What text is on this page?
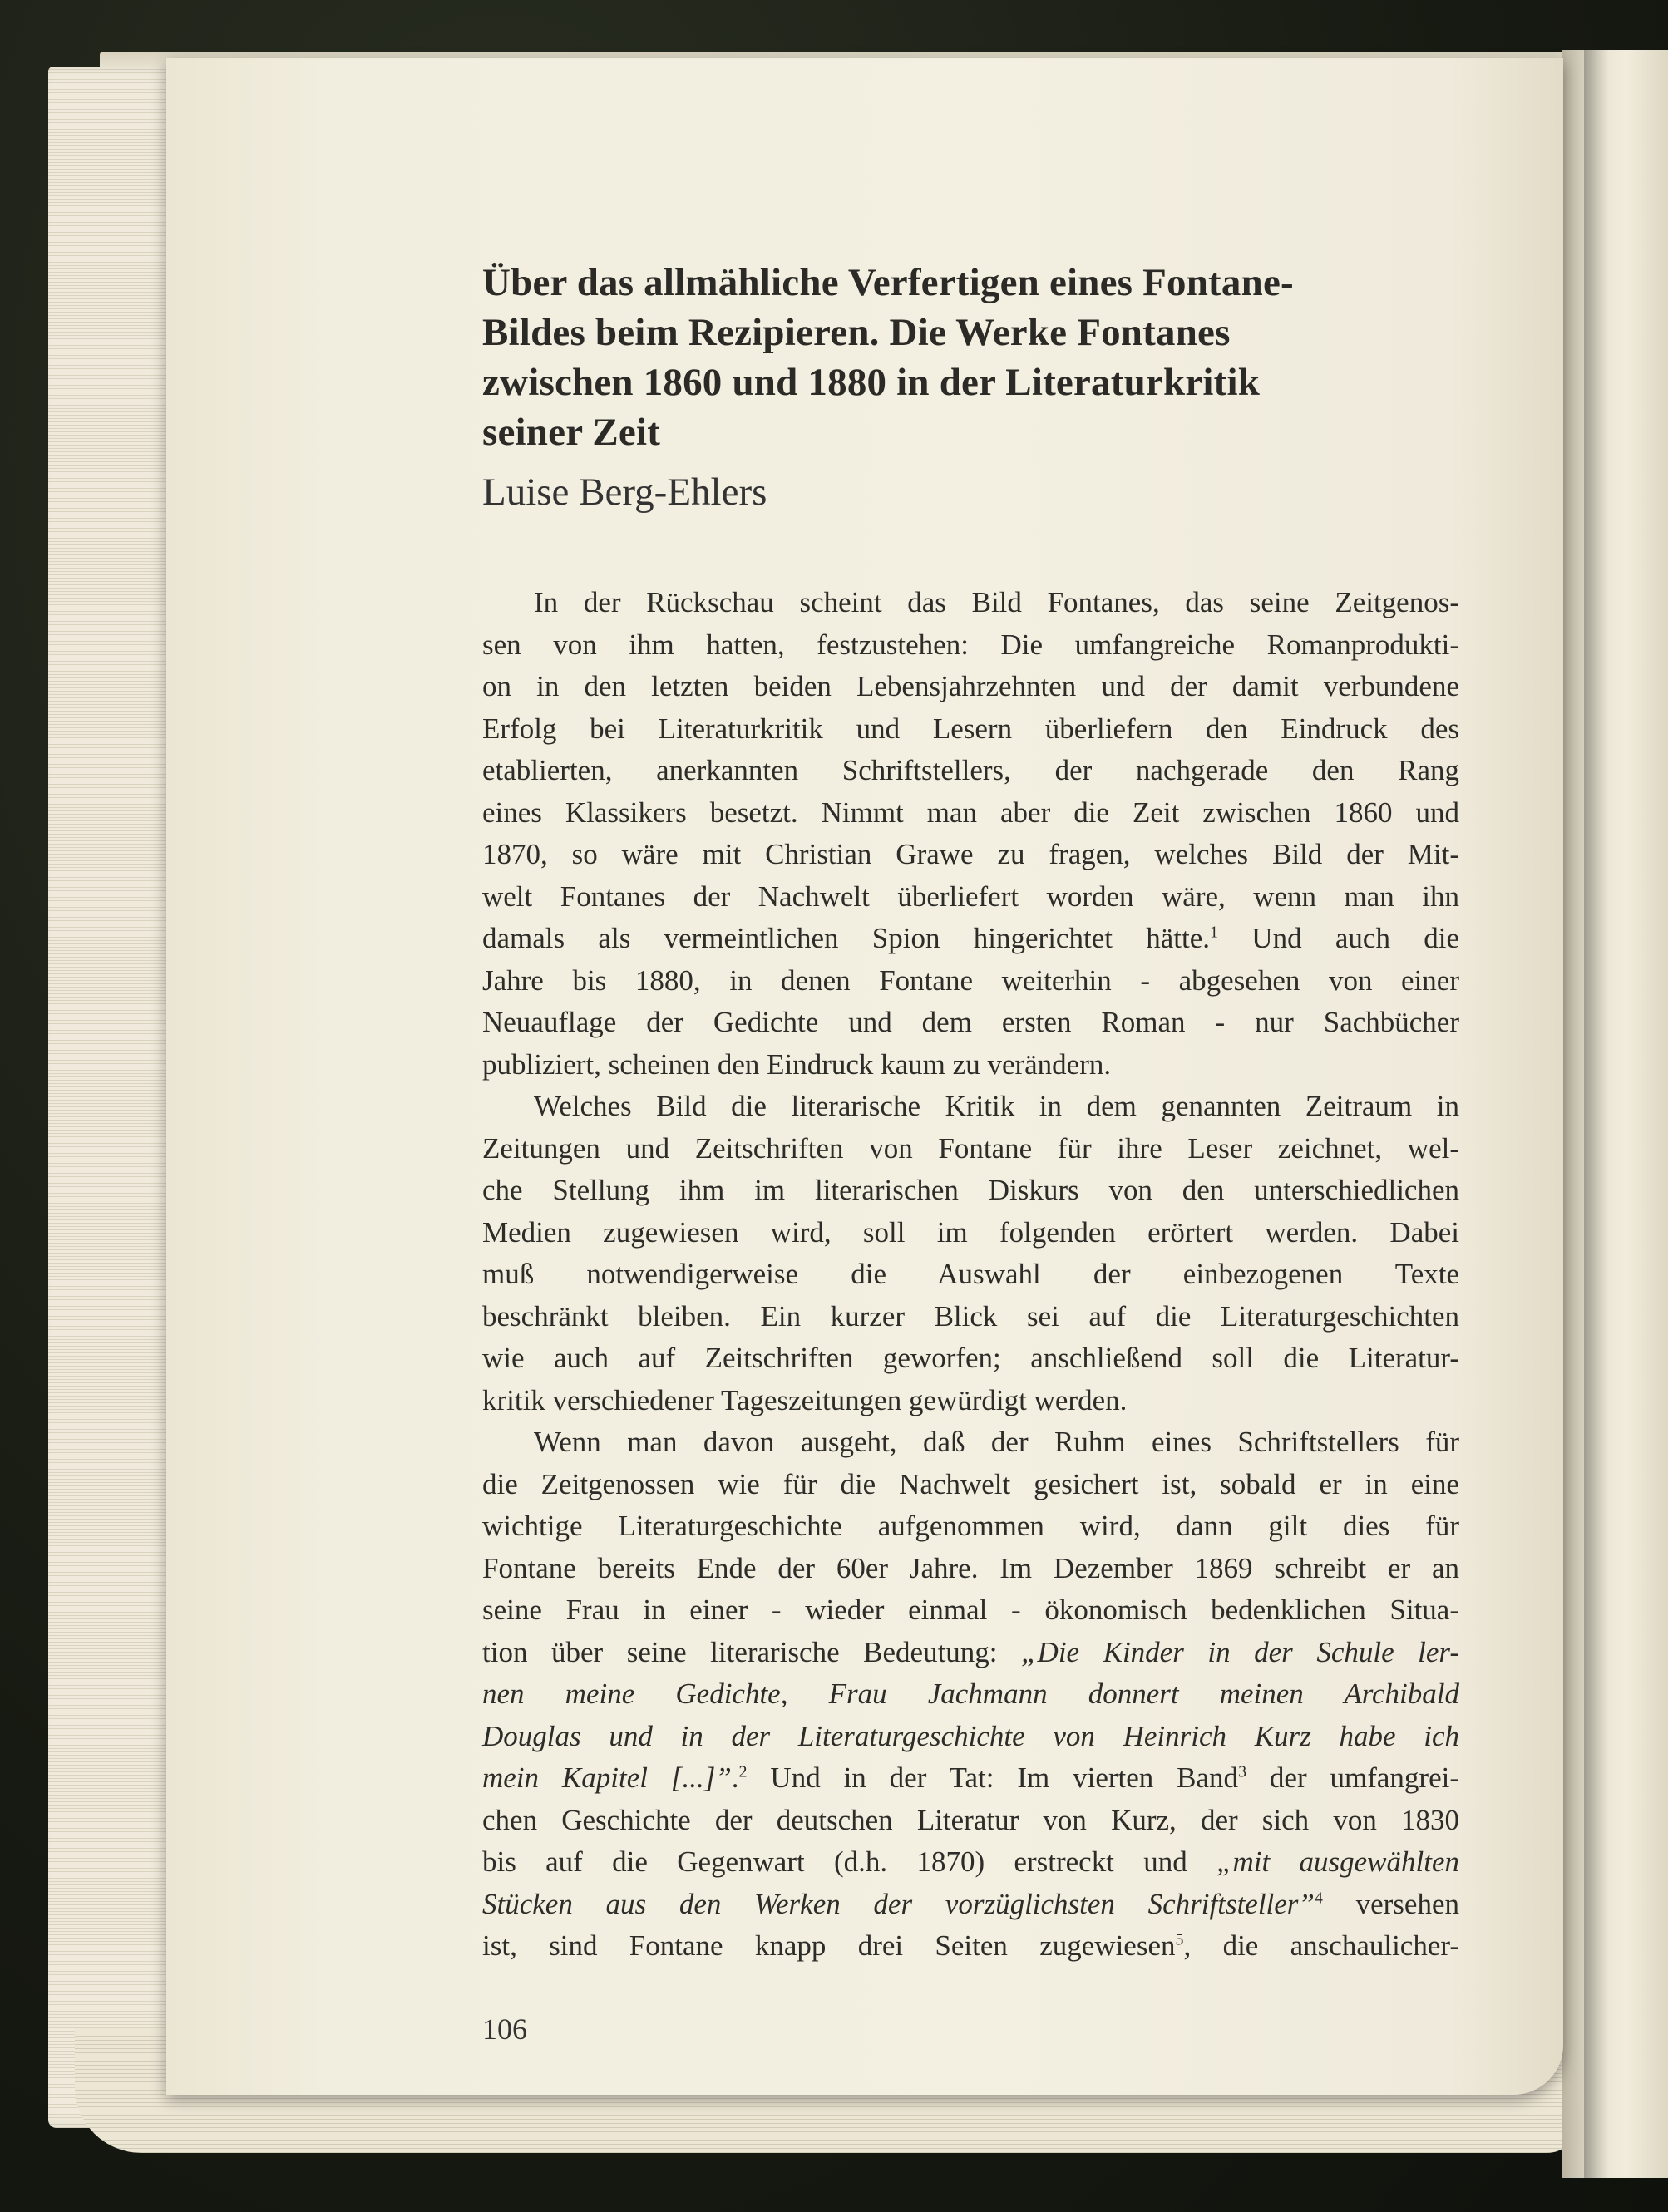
Über das allmähliche Verfertigen eines Fontane-
Bildes beim Rezipieren. Die Werke Fontanes
zwischen 1860 und 1880 in der Literaturkritik
seiner Zeit
Luise Berg-Ehlers
In der Rückschau scheint das Bild Fontanes, das seine Zeitgenos-
sen von ihm hatten, festzustehen: Die umfangreiche Romanprodukti-
on in den letzten beiden Lebensjahrzehnten und der damit verbundene
Erfolg bei Literaturkritik und Lesern überliefern den Eindruck des
etablierten, anerkannten Schriftstellers, der nachgerade den Rang
eines Klassikers besetzt. Nimmt man aber die Zeit zwischen 1860 und
1870, so wäre mit Christian Grawe zu fragen, welches Bild der Mit-
welt Fontanes der Nachwelt überliefert worden wäre, wenn man ihn
damals als vermeintlichen Spion hingerichtet hätte.$^1$ Und auch die
Jahre bis 1880, in denen Fontane weiterhin - abgesehen von einer
Neuauflage der Gedichte und dem ersten Roman - nur Sachbücher
publiziert, scheinen den Eindruck kaum zu verändern.
Welches Bild die literarische Kritik in dem genannten Zeitraum in
Zeitungen und Zeitschriften von Fontane für ihre Leser zeichnet, wel-
che Stellung ihm im literarischen Diskurs von den unterschiedlichen
Medien zugewiesen wird, soll im folgenden erörtert werden. Dabei
muß notwendigerweise die Auswahl der einbezogenen Texte
beschränkt bleiben. Ein kurzer Blick sei auf die Literaturgeschichten
wie auch auf Zeitschriften geworfen; anschließend soll die Literatur-
kritik verschiedener Tageszeitungen gewürdigt werden.
Wenn man davon ausgeht, daß der Ruhm eines Schriftstellers für
die Zeitgenossen wie für die Nachwelt gesichert ist, sobald er in eine
wichtige Literaturgeschichte aufgenommen wird, dann gilt dies für
Fontane bereits Ende der 60er Jahre. Im Dezember 1869 schreibt er an
seine Frau in einer - wieder einmal - ökonomisch bedenklichen Situa-
tion über seine literarische Bedeutung: „Die Kinder in der Schule ler-
nen meine Gedichte, Frau Jachmann donnert meinen Archibald
Douglas und in der Literaturgeschichte von Heinrich Kurz habe ich
mein Kapitel [...]”.$^2$ Und in der Tat: Im vierten Band$^3$ der umfangrei-
chen Geschichte der deutschen Literatur von Kurz, der sich von 1830
bis auf die Gegenwart (d.h. 1870) erstreckt und „mit ausgewählten
Stücken aus den Werken der vorzüglichsten Schriftsteller”$^4$ versehen
ist, sind Fontane knapp drei Seiten zugewiesen$^5$, die anschaulicher-
106
